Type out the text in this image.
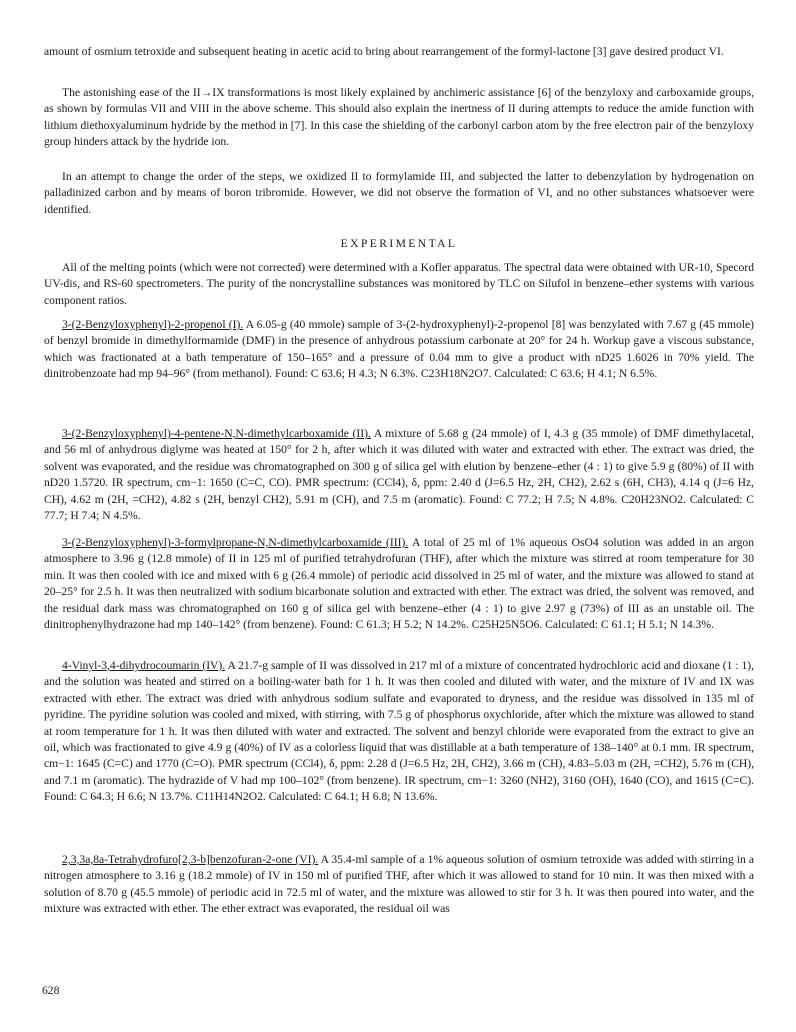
amount of osmium tetroxide and subsequent heating in acetic acid to bring about rearrangement of the formyl-lactone [3] gave desired product VI.

The astonishing ease of the II→IX transformations is most likely explained by anchimeric assistance [6] of the benzyloxy and carboxamide groups, as shown by formulas VII and VIII in the above scheme. This should also explain the inertness of II during attempts to reduce the amide function with lithium diethoxyaluminum hydride by the method in [7]. In this case the shielding of the carbonyl carbon atom by the free electron pair of the benzyloxy group hinders attack by the hydride ion.

In an attempt to change the order of the steps, we oxidized II to formylamide III, and subjected the latter to debenzylation by hydrogenation on palladinized carbon and by means of boron tribromide. However, we did not observe the formation of VI, and no other substances whatsoever were identified.

EXPERIMENTAL

All of the melting points (which were not corrected) were determined with a Kofler apparatus. The spectral data were obtained with UR-10, Specord UV-dis, and RS-60 spectrometers. The purity of the noncrystalline substances was monitored by TLC on Silufol in benzene–ether systems with various component ratios.

3-(2-Benzyloxyphenyl)-2-propenol (I). A 6.05-g (40 mmole) sample of 3-(2-hydroxyphenyl)-2-propenol [8] was benzylated with 7.67 g (45 mmole) of benzyl bromide in dimethylformamide (DMF) in the presence of anhydrous potassium carbonate at 20° for 24 h. Workup gave a viscous substance, which was fractionated at a bath temperature of 150–165° and a pressure of 0.04 mm to give a product with nD25 1.6026 in 70% yield. The dinitrobenzoate had mp 94–96° (from methanol). Found: C 63.6; H 4.3; N 6.3%. C23H18N2O7. Calculated: C 63.6; H 4.1; N 6.5%.

3-(2-Benzyloxyphenyl)-4-pentene-N,N-dimethylcarboxamide (II). A mixture of 5.68 g (24 mmole) of I, 4.3 g (35 mmole) of DMF dimethylacetal, and 56 ml of anhydrous diglyme was heated at 150° for 2 h, after which it was diluted with water and extracted with ether. The extract was dried, the solvent was evaporated, and the residue was chromatographed on 300 g of silica gel with elution by benzene–ether (4 : 1) to give 5.9 g (80%) of II with nD20 1.5720. IR spectrum, cm−1: 1650 (C=C, CO). PMR spectrum: (CCl4), δ, ppm: 2.40 d (J=6.5 Hz, 2H, CH2), 2.62 s (6H, CH3), 4.14 q (J=6 Hz, CH), 4.62 m (2H, =CH2), 4.82 s (2H, benzyl CH2), 5.91 m (CH), and 7.5 m (aromatic). Found: C 77.2; H 7.5; N 4.8%. C20H23NO2. Calculated: C 77.7; H 7.4; N 4.5%.

3-(2-Benzyloxyphenyl)-3-formylpropane-N,N-dimethylcarboxamide (III). A total of 25 ml of 1% aqueous OsO4 solution was added in an argon atmosphere to 3.96 g (12.8 mmole) of II in 125 ml of purified tetrahydrofuran (THF), after which the mixture was stirred at room temperature for 30 min. It was then cooled with ice and mixed with 6 g (26.4 mmole) of periodic acid dissolved in 25 ml of water, and the mixture was allowed to stand at 20–25° for 2.5 h. It was then neutralized with sodium bicarbonate solution and extracted with ether. The extract was dried, the solvent was removed, and the residual dark mass was chromatographed on 160 g of silica gel with benzene–ether (4 : 1) to give 2.97 g (73%) of III as an unstable oil. The dinitrophenylhydrazone had mp 140–142° (from benzene). Found: C 61.3; H 5.2; N 14.2%. C25H25N5O6. Calculated: C 61.1; H 5.1; N 14.3%.

4-Vinyl-3,4-dihydrocoumarin (IV). A 21.7-g sample of II was dissolved in 217 ml of a mixture of concentrated hydrochloric acid and dioxane (1 : 1), and the solution was heated and stirred on a boiling-water bath for 1 h. It was then cooled and diluted with water, and the mixture of IV and IX was extracted with ether. The extract was dried with anhydrous sodium sulfate and evaporated to dryness, and the residue was dissolved in 135 ml of pyridine. The pyridine solution was cooled and mixed, with stirring, with 7.5 g of phosphorus oxychloride, after which the mixture was allowed to stand at room temperature for 1 h. It was then diluted with water and extracted. The solvent and benzyl chloride were evaporated from the extract to give an oil, which was fractionated to give 4.9 g (40%) of IV as a colorless liquid that was distillable at a bath temperature of 138–140° at 0.1 mm. IR spectrum, cm−1: 1645 (C=C) and 1770 (C=O). PMR spectrum (CCl4), δ, ppm: 2.28 d (J=6.5 Hz, 2H, CH2), 3.66 m (CH), 4.83–5.03 m (2H, =CH2), 5.76 m (CH), and 7.1 m (aromatic). The hydrazide of V had mp 100–102° (from benzene). IR spectrum, cm−1: 3260 (NH2), 3160 (OH), 1640 (CO), and 1615 (C=C). Found: C 64.3; H 6.6; N 13.7%. C11H14N2O2. Calculated: C 64.1; H 6.8; N 13.6%.

2,3,3a,8a-Tetrahydrofuro[2,3-b]benzofuran-2-one (VI). A 35.4-ml sample of a 1% aqueous solution of osmium tetroxide was added with stirring in a nitrogen atmosphere to 3.16 g (18.2 mmole) of IV in 150 ml of purified THF, after which it was allowed to stand for 10 min. It was then mixed with a solution of 8.70 g (45.5 mmole) of periodic acid in 72.5 ml of water, and the mixture was allowed to stir for 3 h. It was then poured into water, and the mixture was extracted with ether. The ether extract was evaporated, the residual oil was

628
